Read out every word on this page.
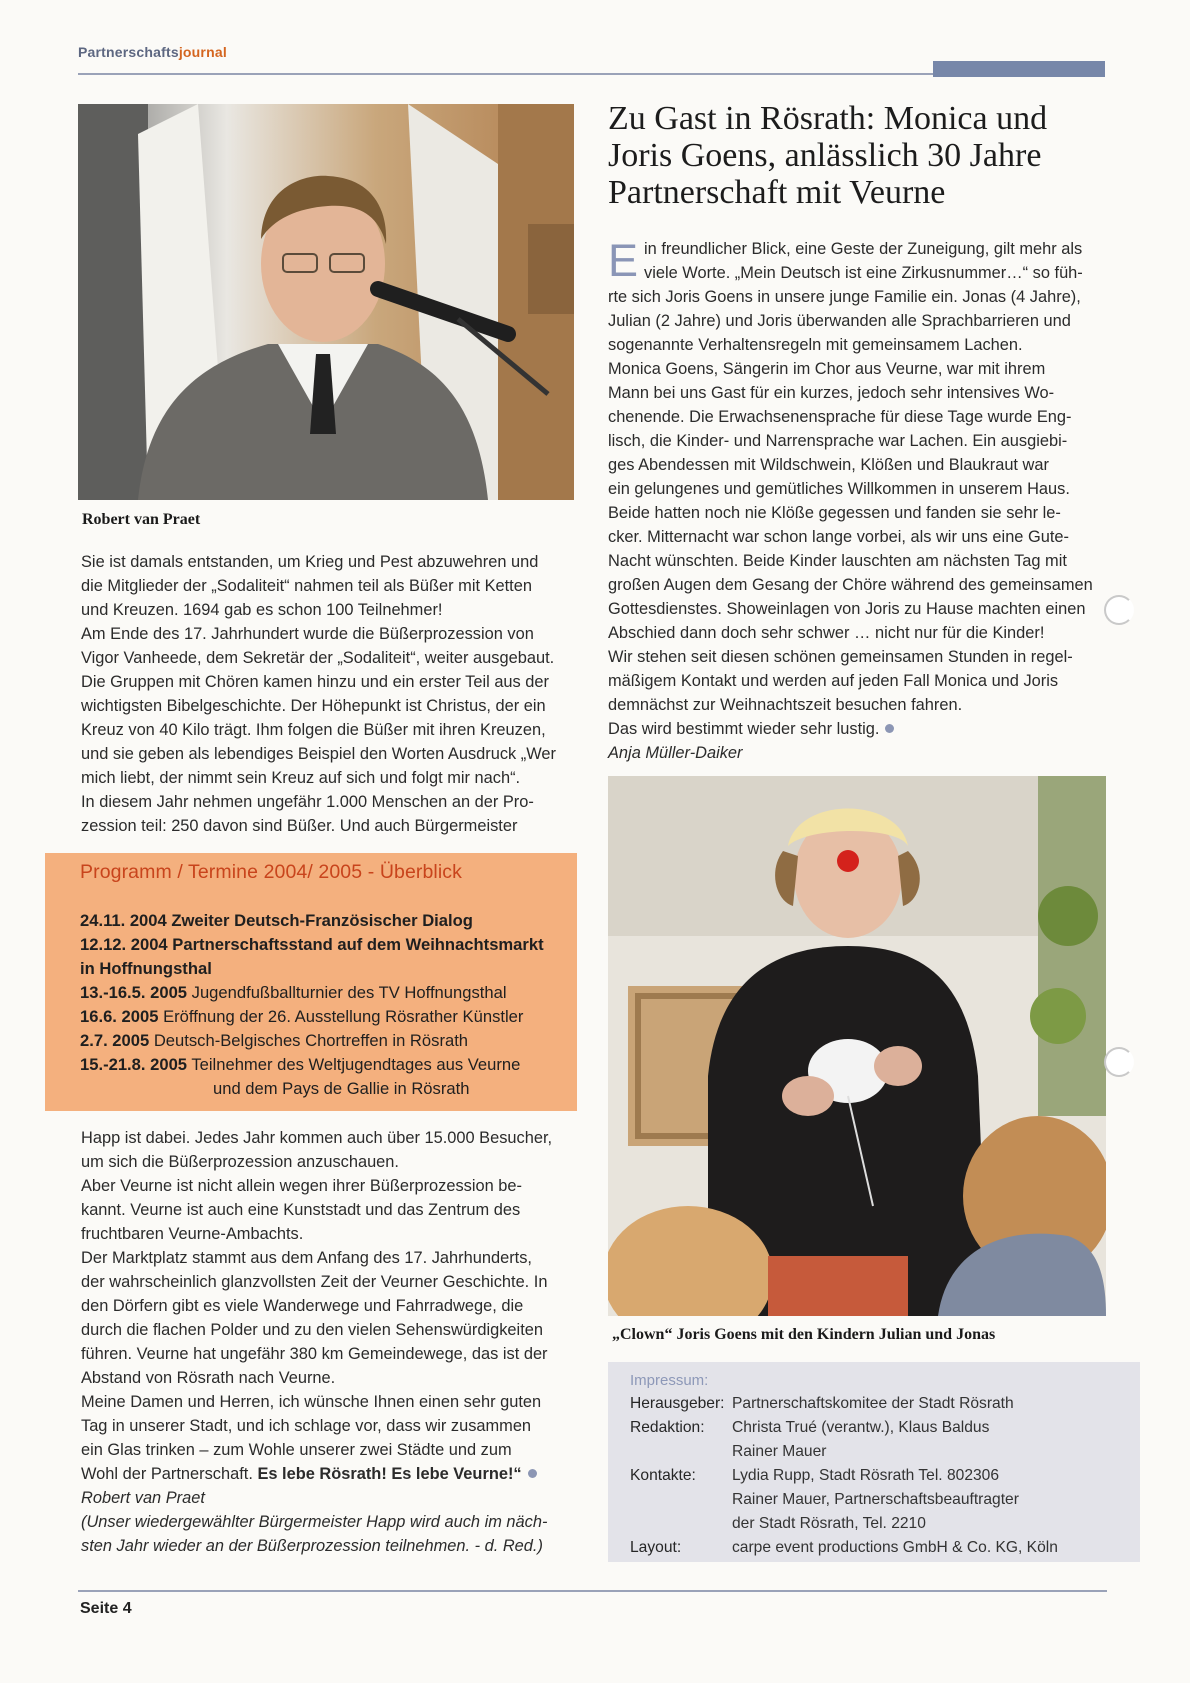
Partnerschaftsjournal
Robert van Praet

Sie ist damals entstanden, um Krieg und Pest abzuwehren und

die Mitglieder der „Sodaliteit“ nahmen teil als Büßer mit Ketten

und Kreuzen. 1694 gab es schon 100 Teilnehmer!

Am Ende des 17. Jahrhundert wurde die Büßerprozession von

Vigor Vanheede, dem Sekretär der „Sodaliteit“, weiter ausgebaut.

Die Gruppen mit Chören kamen hinzu und ein erster Teil aus der

wichtigsten Bibelgeschichte. Der Höhepunkt ist Christus, der ein

Kreuz von 40 Kilo trägt. Ihm folgen die Büßer mit ihren Kreuzen,

und sie geben als lebendiges Beispiel den Worten Ausdruck „Wer

mich liebt, der nimmt sein Kreuz auf sich und folgt mir nach“.

In diesem Jahr nehmen ungefähr 1.000 Menschen an der Pro-

zession teil: 250 davon sind Büßer. Und auch Bürgermeister

Programm / Termine 2004/ 2005 - Überblick
24.11. 2004 Zweiter Deutsch-Französischer Dialog
12.12. 2004 Partnerschaftsstand auf dem Weihnachtsmarkt
in Hoffnungsthal
13.-16.5. 2005 Jugendfußballturnier des TV Hoffnungsthal
16.6. 2005 Eröffnung der 26. Ausstellung Rösrather Künstler
2.7. 2005 Deutsch-Belgisches Chortreffen in Rösrath
15.-21.8. 2005 Teilnehmer des Weltjugendtages aus Veurne
und dem Pays de Gallie in Rösrath

Happ ist dabei. Jedes Jahr kommen auch über 15.000 Besucher,

um sich die Büßerprozession anzuschauen.

Aber Veurne ist nicht allein wegen ihrer Büßerprozession be-

kannt. Veurne ist auch eine Kunststadt und das Zentrum des

fruchtbaren Veurne-Ambachts.

Der Marktplatz stammt aus dem Anfang des 17. Jahrhunderts,

der wahrscheinlich glanzvollsten Zeit der Veurner Geschichte. In

den Dörfern gibt es viele Wanderwege und Fahrradwege, die

durch die flachen Polder und zu den vielen Sehenswürdigkeiten

führen. Veurne hat ungefähr 380 km Gemeindewege, das ist der

Abstand von Rösrath nach Veurne.

Meine Damen und Herren, ich wünsche Ihnen einen sehr guten

Tag in unserer Stadt, und ich schlage vor, dass wir zusammen

ein Glas trinken – zum Wohle unserer zwei Städte und zum

Wohl der Partnerschaft. Es lebe Rösrath! Es lebe Veurne!“

Robert van Praet

(Unser wiedergewählter Bürgermeister Happ wird auch im näch-

sten Jahr wieder an der Büßerprozession teilnehmen. - d. Red.)

Zu Gast in Rösrath: Monica und
Joris Goens, anlässlich 30 Jahre
Partnerschaft mit Veurne
E in freundlicher Blick, eine Geste der Zuneigung, gilt mehr als

viele Worte. „Mein Deutsch ist eine Zirkusnummer…“ so füh-

rte sich Joris Goens in unsere junge Familie ein. Jonas (4 Jahre),

Julian (2 Jahre) und Joris überwanden alle Sprachbarrieren und

sogenannte Verhaltensregeln mit gemeinsamem Lachen.

Monica Goens, Sängerin im Chor aus Veurne, war mit ihrem

Mann bei uns Gast für ein kurzes, jedoch sehr intensives Wo-

chenende. Die Erwachsenensprache für diese Tage wurde Eng-

lisch, die Kinder- und Narrensprache war Lachen. Ein ausgiebi-

ges Abendessen mit Wildschwein, Klößen und Blaukraut war

ein gelungenes und gemütliches Willkommen in unserem Haus.

Beide hatten noch nie Klöße gegessen und fanden sie sehr le-

cker. Mitternacht war schon lange vorbei, als wir uns eine Gute-

Nacht wünschten. Beide Kinder lauschten am nächsten Tag mit

großen Augen dem Gesang der Chöre während des gemeinsamen

Gottesdienstes. Showeinlagen von Joris zu Hause machten einen

Abschied dann doch sehr schwer … nicht nur für die Kinder!

Wir stehen seit diesen schönen gemeinsamen Stunden in regel-

mäßigem Kontakt und werden auf jeden Fall Monica und Joris

demnächst zur Weihnachtszeit besuchen fahren.

Das wird bestimmt wieder sehr lustig.

Anja Müller-Daiker

„Clown“ Joris Goens mit den Kindern Julian und Jonas
Impressum:
Herausgeber: Partnerschaftskomitee der Stadt Rösrath
Redaktion:	Christa Trué (verantw.), Klaus Baldus
Rainer Mauer
Kontakte:	Lydia Rupp, Stadt Rösrath Tel. 802306
Rainer Mauer, Partnerschaftsbeauftragter
der Stadt Rösrath, Tel. 2210
Layout:	carpe event productions GmbH & Co. KG, Köln
Seite 4
